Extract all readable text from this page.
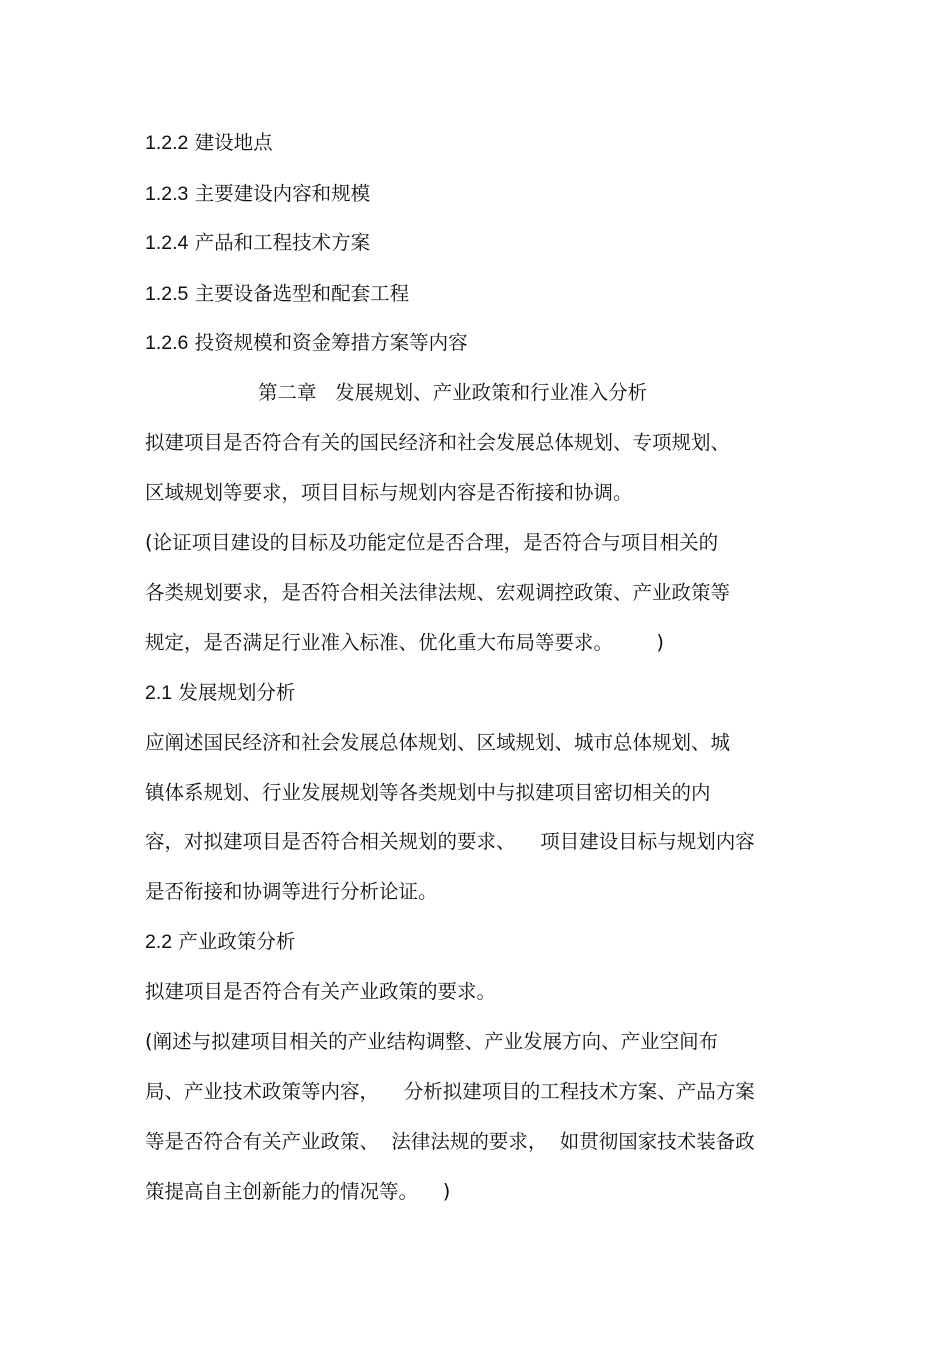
1.2.2 建设地点
1.2.3 主要建设内容和规模
1.2.4 产品和工程技术方案
1.2.5 主要设备选型和配套工程
1.2.6 投资规模和资金筹措方案等内容
第二章   发展规划、产业政策和行业准入分析
拟建项目是否符合有关的国民经济和社会发展总体规划、专项规划、
区域规划等要求，项目目标与规划内容是否衔接和协调。
(论证项目建设的目标及功能定位是否合理，是否符合与项目相关的
各类规划要求，是否符合相关法律法规、宏观调控政策、产业政策等
规定，是否满足行业准入标准、优化重大布局等要求。       )
2.1 发展规划分析
应阐述国民经济和社会发展总体规划、区域规划、城市总体规划、城
镇体系规划、行业发展规划等各类规划中与拟建项目密切相关的内
容，对拟建项目是否符合相关规划的要求、    项目建设目标与规划内容
是否衔接和协调等进行分析论证。
2.2 产业政策分析
拟建项目是否符合有关产业政策的要求。
(阐述与拟建项目相关的产业结构调整、产业发展方向、产业空间布
局、产业技术政策等内容，    分析拟建项目的工程技术方案、产品方案
等是否符合有关产业政策、  法律法规的要求，  如贯彻国家技术装备政
策提高自主创新能力的情况等。    )
